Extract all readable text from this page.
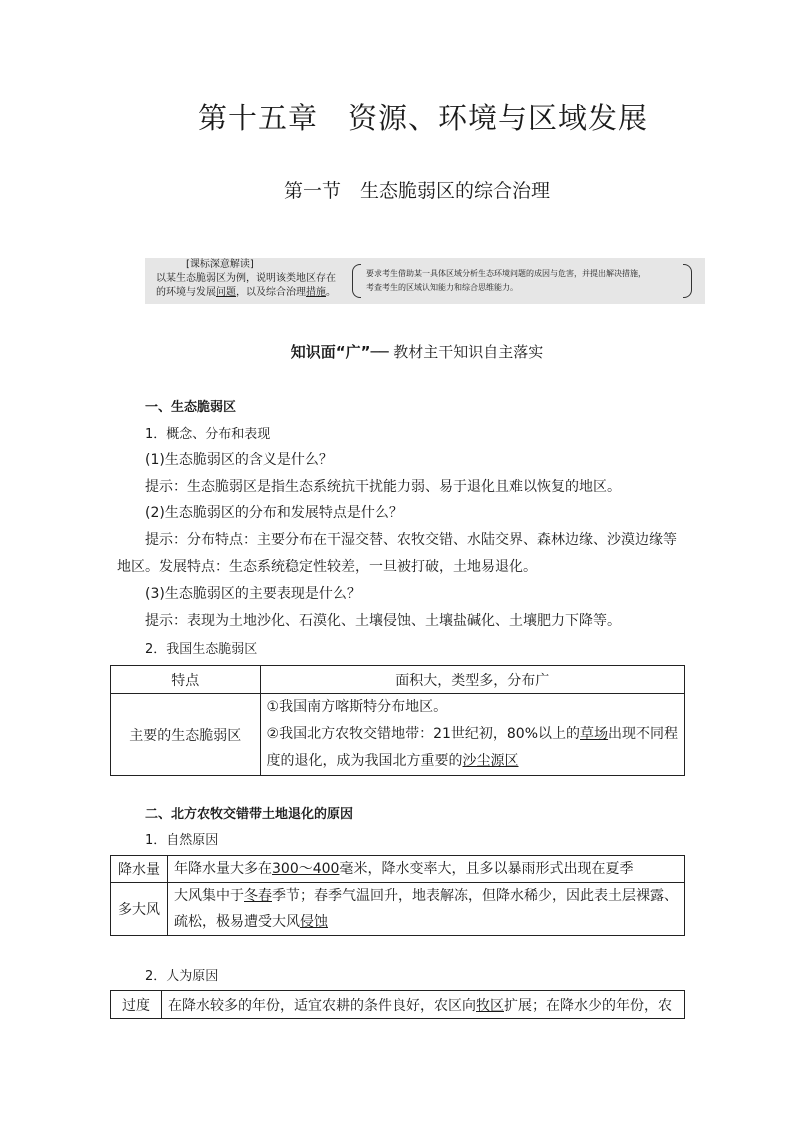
第十五章　资源、环境与区域发展
第一节　生态脆弱区的综合治理
[课标深意解读]
以某生态脆弱区为例，说明该类地区存在
的环境与发展问题，以及综合治理措施。
要求考生借助某一具体区域分析生态环境问题的成因与危害，并提出解决措施，
考查考生的区域认知能力和综合思维能力。
知识面“广”── 教材主干知识自主落实
一、生态脆弱区
1．概念、分布和表现
(1)生态脆弱区的含义是什么？
提示：生态脆弱区是指生态系统抗干扰能力弱、易于退化且难以恢复的地区。
(2)生态脆弱区的分布和发展特点是什么？
提示：分布特点：主要分布在干湿交替、农牧交错、水陆交界、森林边缘、沙漠边缘等
地区。发展特点：生态系统稳定性较差，一旦被打破，土地易退化。
(3)生态脆弱区的主要表现是什么？
提示：表现为土地沙化、石漠化、土壤侵蚀、土壤盐碱化、土壤肥力下降等。
2．我国生态脆弱区
特点	面积大，类型多，分布广
主要的生态脆弱区	①我国南方喀斯特分布地区。
②我国北方农牧交错地带：21世纪初，80%以上的草场出现不同程
度的退化，成为我国北方重要的沙尘源区
二、北方农牧交错带土地退化的原因
1．自然原因
降水量	年降水量大多在300～400毫米，降水变率大，且多以暴雨形式出现在夏季

多大风	大风集中于冬春季节；春季气温回升，地表解冻，但降水稀少，因此表土层裸露、
疏松，极易遭受大风侵蚀
2．人为原因
过度	在降水较多的年份，适宜农耕的条件良好，农区向牧区扩展；在降水少的年份，农
